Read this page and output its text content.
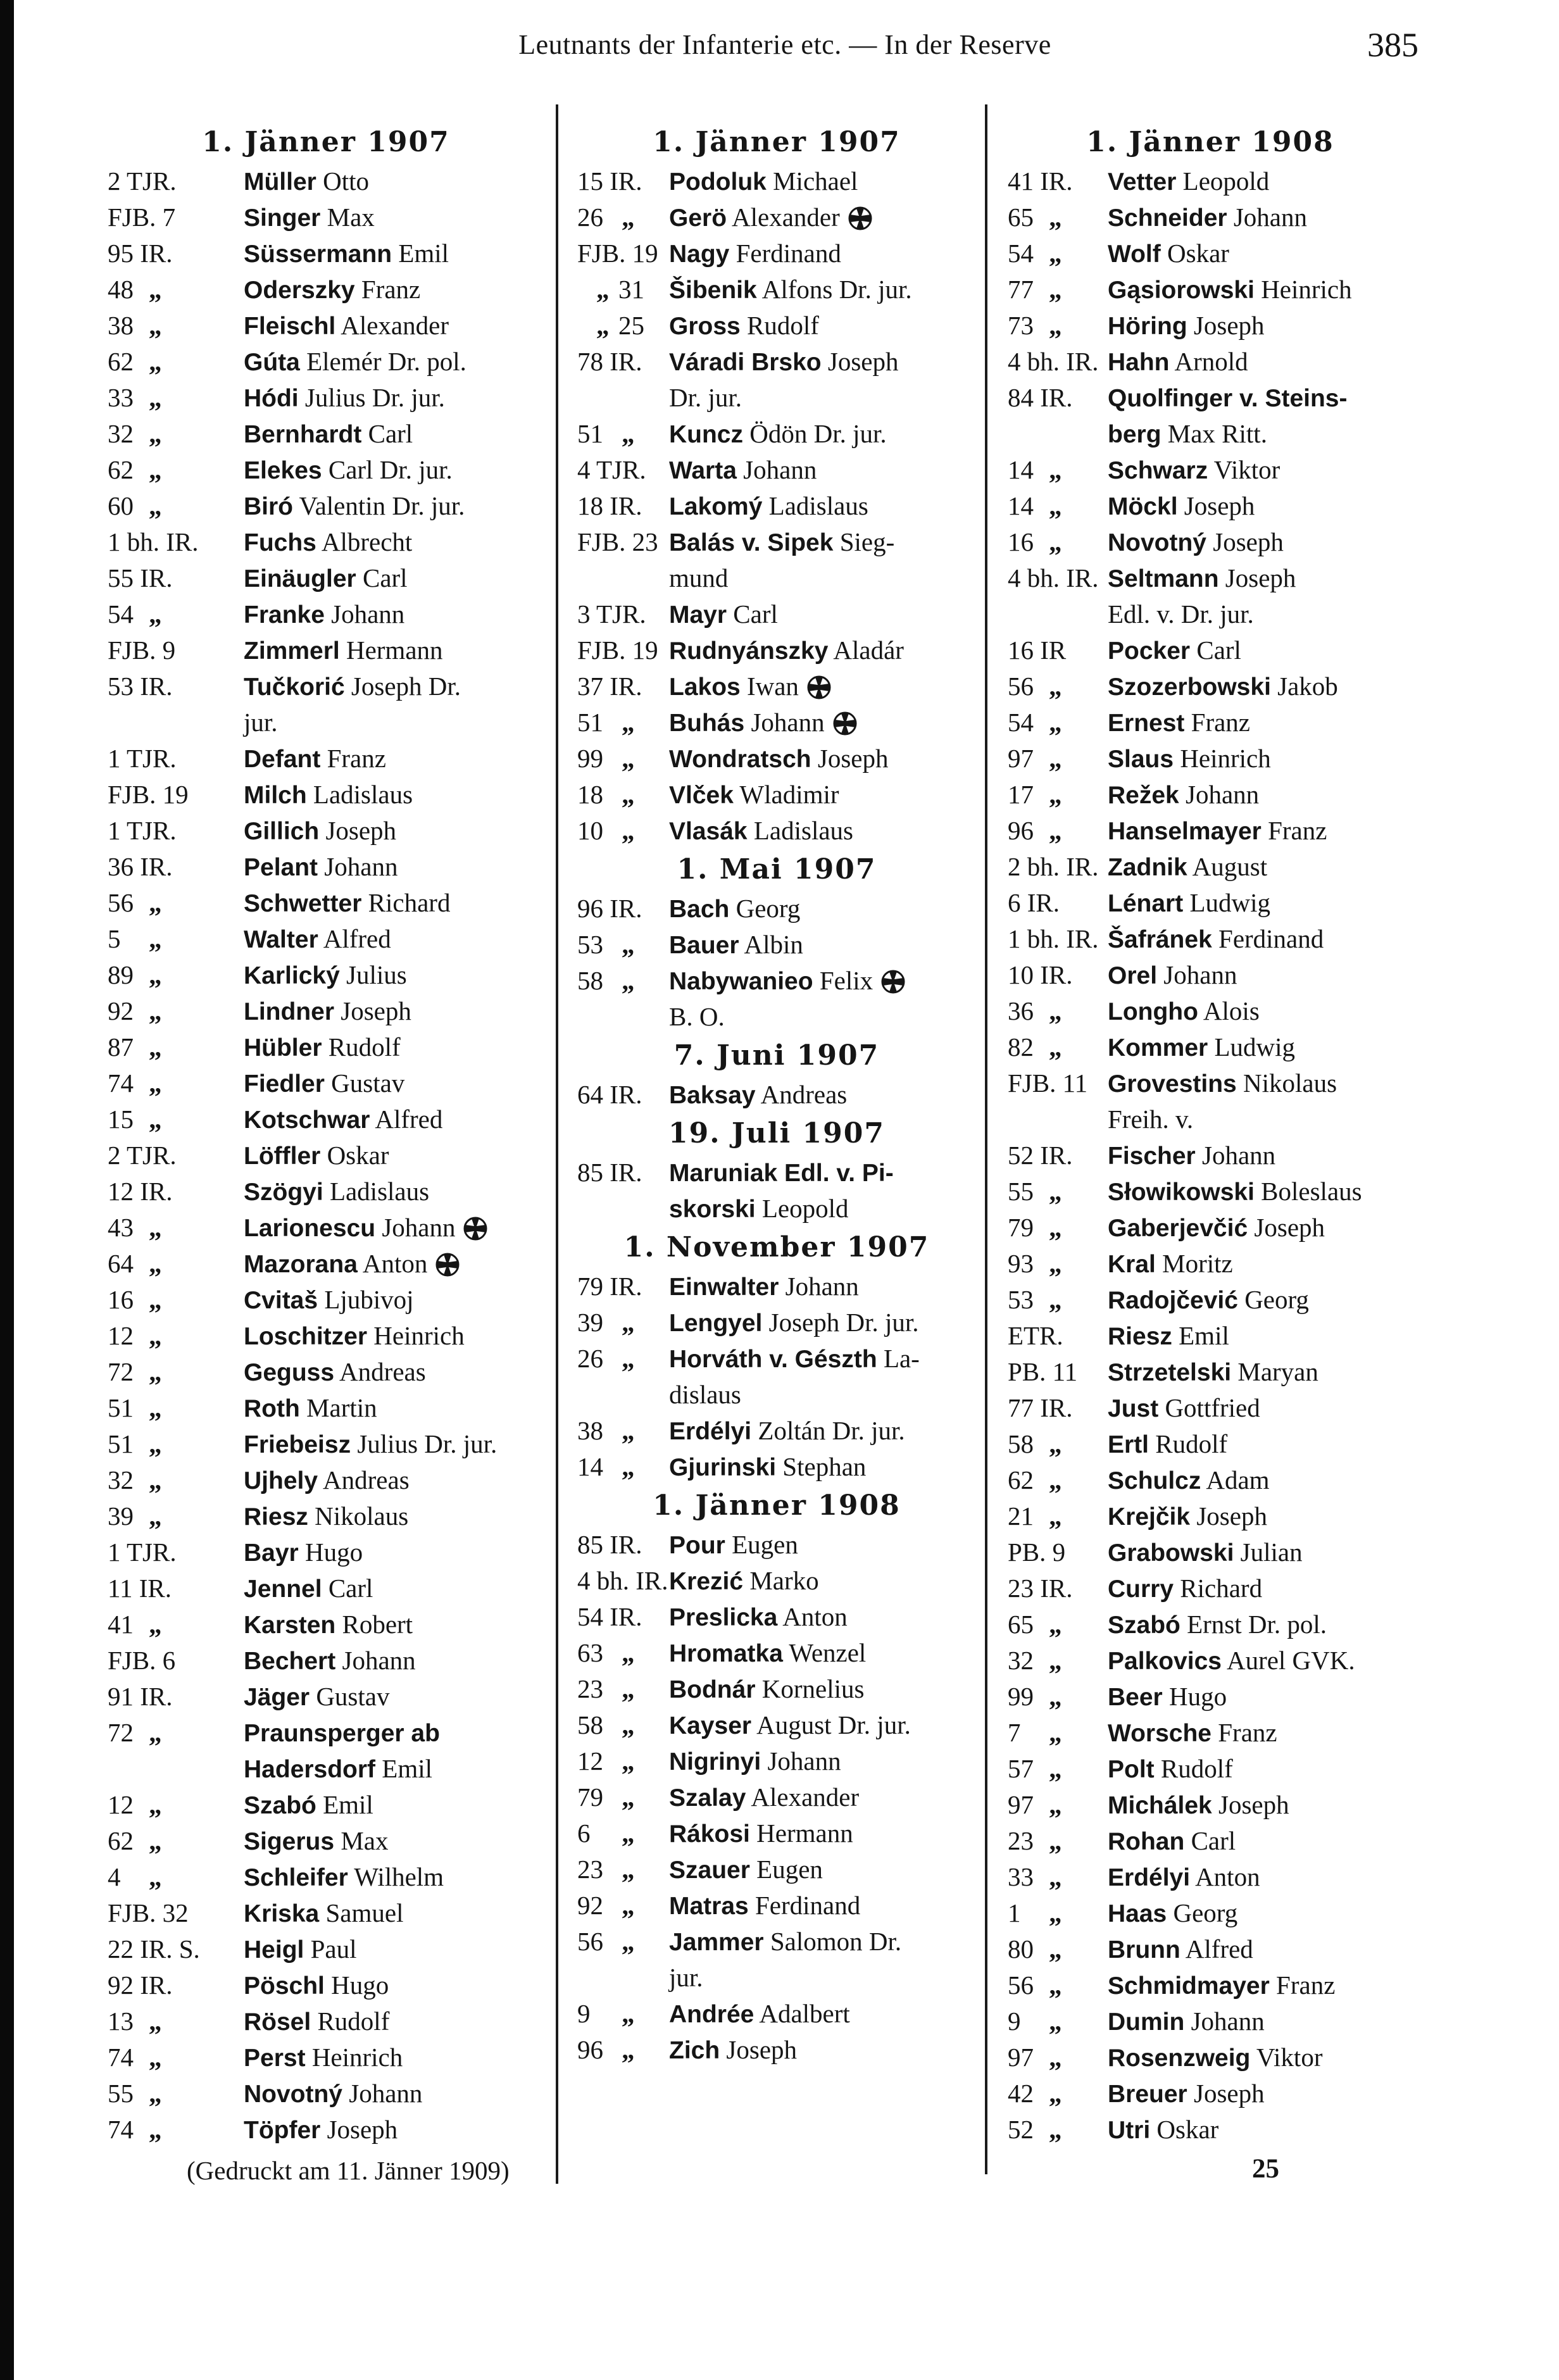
Leutnants der Infanterie etc. — In der Reserve	385
1. Jänner 1907
2 TJR.	Müller Otto
FJB. 7	Singer Max
95 IR.	Süssermann Emil
48 „	Oderszky Franz
38 „	Fleischl Alexander
62 „	Gúta Elemér Dr. pol.
33 „	Hódi Julius Dr. jur.
32 „	Bernhardt Carl
62 „	Elekes Carl Dr. jur.
60 „	Biró Valentin Dr. jur.
1 bh. IR. Fuchs Albrecht
55 IR.	Einäugler Carl
54 „	Franke Johann
FJB. 9	Zimmerl Hermann
53 IR.	Tučkorić Joseph Dr.
jur.
1 TJR.	Defant Franz
FJB. 19 Milch Ladislaus
1 TJR.	Gillich Joseph
36 IR.	Pelant Johann
56 „	Schwetter Richard
5 „	Walter Alfred
89 „	Karlický Julius
92 „	Lindner Joseph
87 „	Hübler Rudolf
74 „	Fiedler Gustav
15 „	Kotschwar Alfred
2 TJR.	Löffler Oskar
12 IR.	Szögyi Ladislaus
43 „	Larionescu Johann
64 „	Mazorana Anton
16 „	Cvitaš Ljubivoj
12 „	Loschitzer Heinrich
72 „	Geguss Andreas
51 „	Roth Martin
51 „	Friebeisz Julius Dr. jur.
32 „	Ujhely Andreas
39 „	Riesz Nikolaus
1 TJR.	Bayr Hugo
11 IR.	Jennel Carl
41 „	Karsten Robert
FJB. 6	Bechert Johann
91 IR.	Jäger Gustav
72 „	Praunsperger ab
Hadersdorf Emil
12 „	Szabó Emil
62 „	Sigerus Max
4 „	Schleifer Wilhelm
FJB. 32 Kriska Samuel
22 IR. S. Heigl Paul
92 IR.	Pöschl Hugo
13 „	Rösel Rudolf
74 „	Perst Heinrich
55 „	Novotný Johann
74 „	Töpfer Joseph
1. Jänner 1907
15 IR. Podoluk Michael
26 „ Gerö Alexander
FJB. 19 Nagy Ferdinand
„ 31 Šibenik Alfons Dr. jur.
„ 25 Gross Rudolf
78 IR. Váradi Brsko Joseph
Dr. jur.
51 „ Kuncz Ödön Dr. jur.
4 TJR. Warta Johann
18 IR. Lakomý Ladislaus
FJB. 23 Balás v. Sipek Sieg-
mund
3 TJR. Mayr Carl
FJB. 19 Rudnyánszky Aladár
37 IR. Lakos Iwan
51 „ Buhás Johann
99 „ Wondratsch Joseph
18 „ Vlček Wladimir
10 „ Vlasák Ladislaus
1. Mai 1907
96 IR. Bach Georg
53 „ Bauer Albin
58 „ Nabywanieo Felix
B. O.
7. Juni 1907
64 IR. Baksay Andreas
19. Juli 1907
85 IR. Maruniak Edl. v. Pi-
skorski Leopold
1. November 1907
79 IR. Einwalter Johann
39 „ Lengyel Joseph Dr. jur.
26 „ Horváth v. Gészth La-
dislaus
38 „ Erdélyi Zoltán Dr. jur.
14 „ Gjurinski Stephan
1. Jänner 1908
85 IR. Pour Eugen
4 bh. IR. Krezić Marko
54 IR. Preslicka Anton
63 „ Hromatka Wenzel
23 „ Bodnár Kornelius
58 „ Kayser August Dr. jur.
12 „ Nigrinyi Johann
79 „ Szalay Alexander
6 „ Rákosi Hermann
23 „ Szauer Eugen
92 „ Matras Ferdinand
56 „ Jammer Salomon Dr.
jur.
9 „ Andrée Adalbert
96 „ Zich Joseph
1. Jänner 1908
41 IR. Vetter Leopold
65 „ Schneider Johann
54 „ Wolf Oskar
77 „ Gąsiorowski Heinrich
73 „ Höring Joseph
4 bh. IR. Hahn Arnold
84 IR. Quolfinger v. Steins-
berg Max Ritt.
14 „ Schwarz Viktor
14 „ Möckl Joseph
16 „ Novotný Joseph
4 bh. IR. Seltmann Joseph
Edl. v. Dr. jur.
16 IR Pocker Carl
56 „ Szozerbowski Jakob
54 „ Ernest Franz
97 „ Slaus Heinrich
17 „ Režek Johann
96 „ Hanselmayer Franz
2 bh. IR. Zadnik August
6 IR. Lénart Ludwig
1 bh. IR. Šafránek Ferdinand
10 IR. Orel Johann
36 „ Longho Alois
82 „ Kommer Ludwig
FJB. 11 Grovestins Nikolaus
Freih. v.
52 IR. Fischer Johann
55 „ Słowikowski Boleslaus
79 „ Gaberjevčić Joseph
93 „ Kral Moritz
53 „ Radojčević Georg
ETR. Riesz Emil
PB. 11 Strzetelski Maryan
77 IR. Just Gottfried
58 „ Ertl Rudolf
62 „ Schulcz Adam
21 „ Krejčik Joseph
PB. 9 Grabowski Julian
23 IR. Curry Richard
65 „ Szabó Ernst Dr. pol.
32 „ Palkovics Aurel GVK.
99 „ Beer Hugo
7 „ Worsche Franz
57 „ Polt Rudolf
97 „ Michálek Joseph
23 „ Rohan Carl
33 „ Erdélyi Anton
1 „ Haas Georg
80 „ Brunn Alfred
56 „ Schmidmayer Franz
9 „ Dumin Johann
97 „ Rosenzweig Viktor
42 „ Breuer Joseph
52 „ Utri Oskar
(Gedruckt am 11. Jänner 1909)	25
